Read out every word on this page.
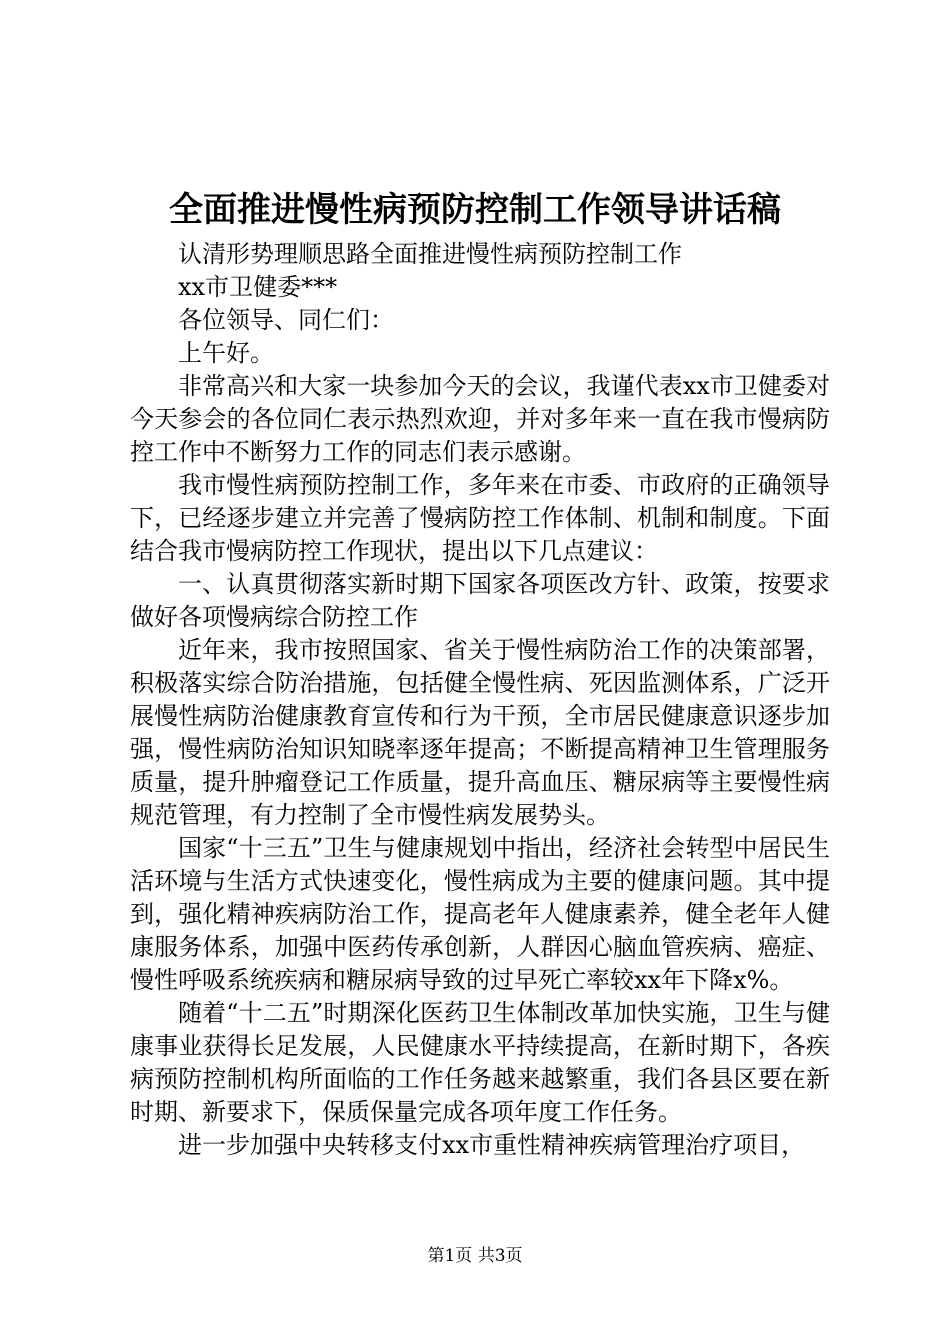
全面推进慢性病预防控制工作领导讲话稿

认清形势理顺思路全面推进慢性病预防控制工作

xx市卫健委***

各位领导、同仁们：

上午好。

非常高兴和大家一块参加今天的会议，我谨代表xx市卫健委对今天参会的各位同仁表示热烈欢迎，并对多年来一直在我市慢病防控工作中不断努力工作的同志们表示感谢。

我市慢性病预防控制工作，多年来在市委、市政府的正确领导下，已经逐步建立并完善了慢病防控工作体制、机制和制度。下面结合我市慢病防控工作现状，提出以下几点建议：

一、认真贯彻落实新时期下国家各项医改方针、政策，按要求做好各项慢病综合防控工作

近年来，我市按照国家、省关于慢性病防治工作的决策部署，积极落实综合防治措施，包括健全慢性病、死因监测体系，广泛开展慢性病防治健康教育宣传和行为干预，全市居民健康意识逐步加强，慢性病防治知识知晓率逐年提高；不断提高精神卫生管理服务质量，提升肿瘤登记工作质量，提升高血压、糖尿病等主要慢性病规范管理，有力控制了全市慢性病发展势头。

国家“十三五”卫生与健康规划中指出，经济社会转型中居民生活环境与生活方式快速变化，慢性病成为主要的健康问题。其中提到，强化精神疾病防治工作，提高老年人健康素养，健全老年人健康服务体系，加强中医药传承创新，人群因心脑血管疾病、癌症、慢性呼吸系统疾病和糖尿病导致的过早死亡率较xx年下降x%。

随着“十二五”时期深化医药卫生体制改革加快实施，卫生与健康事业获得长足发展，人民健康水平持续提高，在新时期下，各疾病预防控制机构所面临的工作任务越来越繁重，我们各县区要在新时期、新要求下，保质保量完成各项年度工作任务。

进一步加强中央转移支付xx市重性精神疾病管理治疗项目，

第1页 共3页
